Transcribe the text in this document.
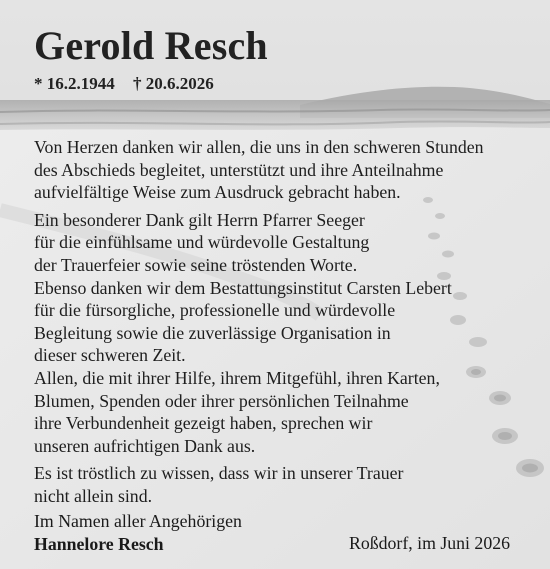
Gerold Resch
* 16.2.1944 † 20.6.2026

Von Herzen danken wir allen, die uns in den schweren Stunden
des Abschieds begleitet, unterstützt und ihre Anteilnahme
aufvielfältige Weise zum Ausdruck gebracht haben.

Ein besonderer Dank gilt Herrn Pfarrer Seeger
für die einfühlsame und würdevolle Gestaltung
der Trauerfeier sowie seine tröstenden Worte.
Ebenso danken wir dem Bestattungsinstitut Carsten Lebert
für die fürsorgliche, professionelle und würdevolle
Begleitung sowie die zuverlässige Organisation in
dieser schweren Zeit.
Allen, die mit ihrer Hilfe, ihrem Mitgefühl, ihren Karten,
Blumen, Spenden oder ihrer persönlichen Teilnahme
ihre Verbundenheit gezeigt haben, sprechen wir
unseren aufrichtigen Dank aus.

Es ist tröstlich zu wissen, dass wir in unserer Trauer
nicht allein sind.

Im Namen aller Angehörigen
Hannelore Resch	Roßdorf, im Juni 2026
